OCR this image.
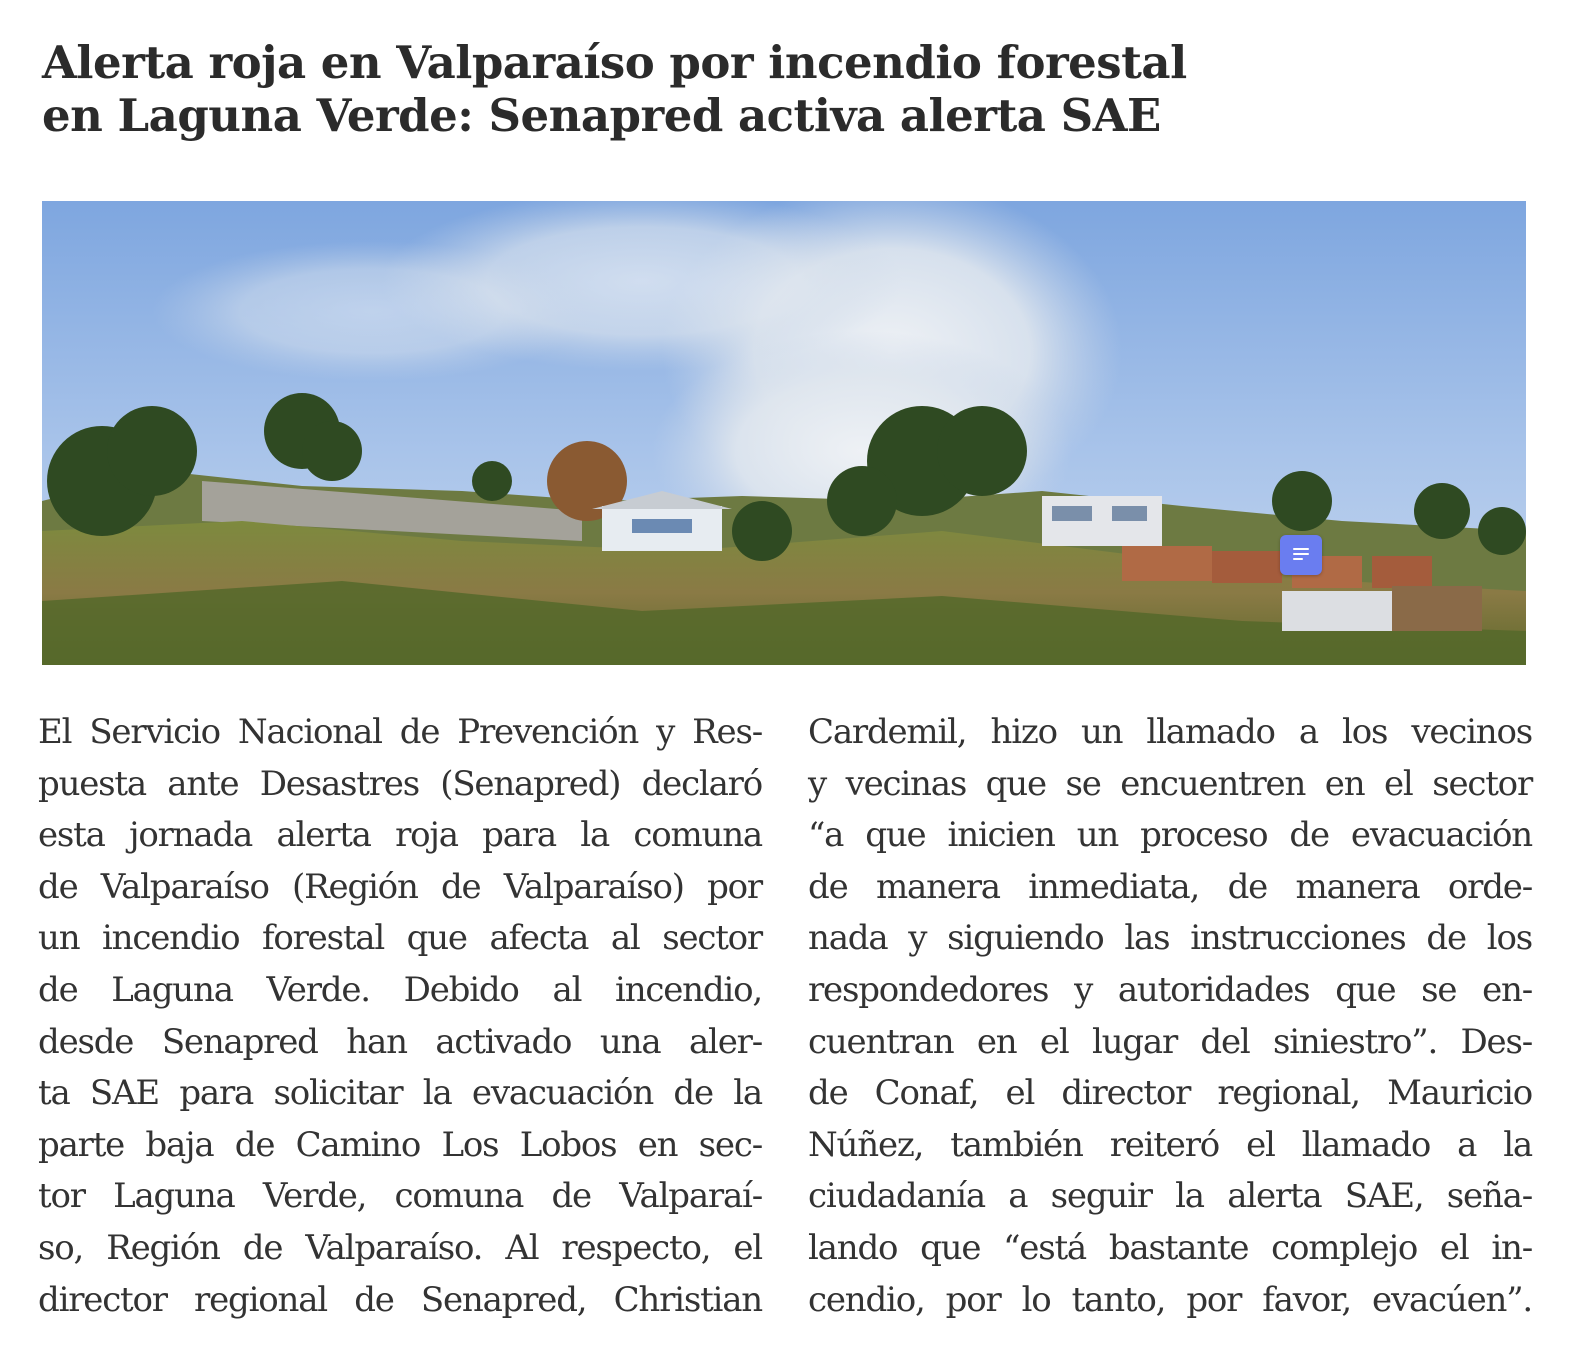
Alerta roja en Valparaíso por incendio forestal
en Laguna Verde: Senapred activa alerta SAE
El Servicio Nacional de Prevención y Res-
puesta ante Desastres (Senapred) declaró
esta jornada alerta roja para la comuna
de Valparaíso (Región de Valparaíso) por
un incendio forestal que afecta al sector
de Laguna Verde. Debido al incendio,
desde Senapred han activado una aler-
ta SAE para solicitar la evacuación de la
parte baja de Camino Los Lobos en sec-
tor Laguna Verde, comuna de Valparaí-
so, Región de Valparaíso. Al respecto, el
director regional de Senapred, Christian
Cardemil, hizo un llamado a los vecinos
y vecinas que se encuentren en el sector
“a que inicien un proceso de evacuación
de manera inmediata, de manera orde-
nada y siguiendo las instrucciones de los
respondedores y autoridades que se en-
cuentran en el lugar del siniestro”. Des-
de Conaf, el director regional, Mauricio
Núñez, también reiteró el llamado a la
ciudadanía a seguir la alerta SAE, seña-
lando que “está bastante complejo el in-
cendio, por lo tanto, por favor, evacúen”.
